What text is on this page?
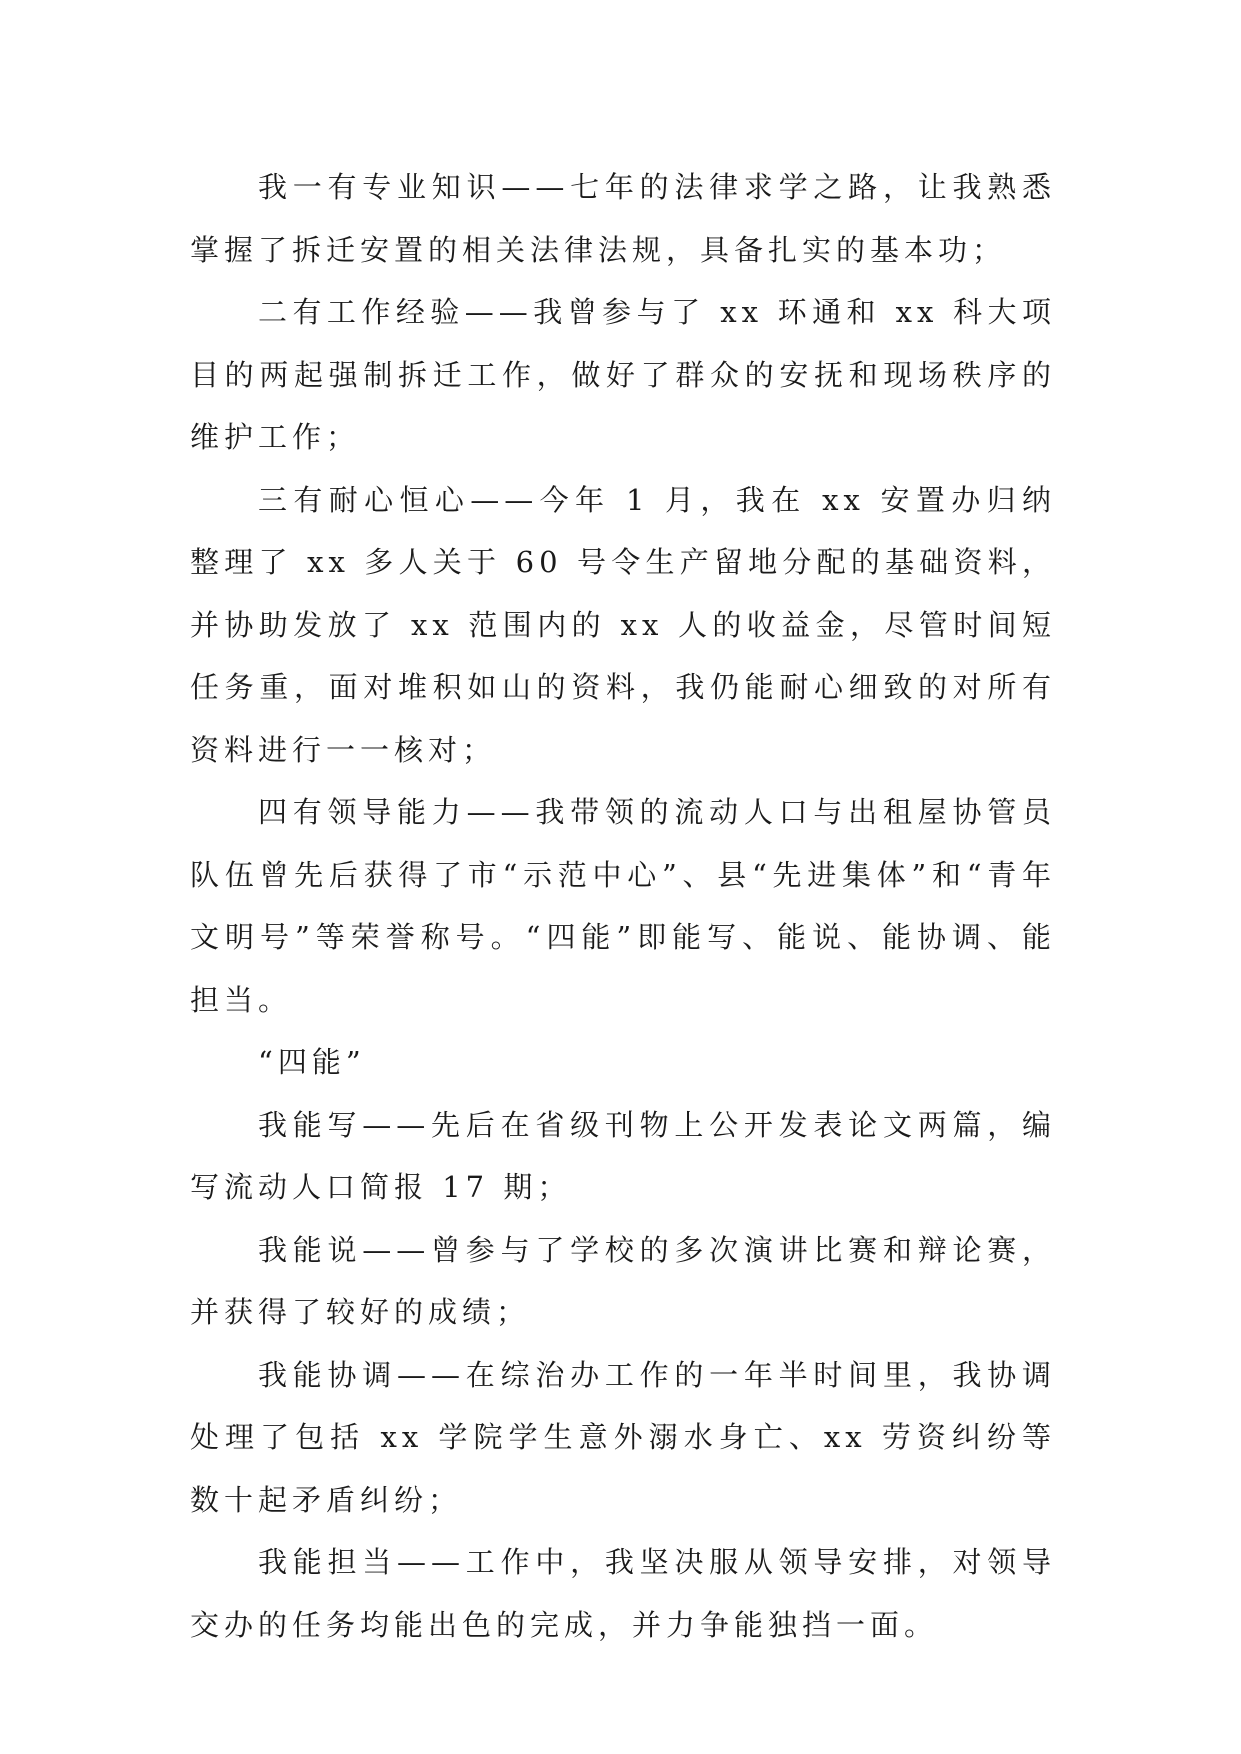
我一有专业知识——七年的法律求学之路，让我熟悉掌握了拆迁安置的相关法律法规，具备扎实的基本功；

二有工作经验——我曾参与了 xx 环通和 xx 科大项目的两起强制拆迁工作，做好了群众的安抚和现场秩序的维护工作；

三有耐心恒心——今年 1 月，我在 xx 安置办归纳整理了 xx 多人关于 60 号令生产留地分配的基础资料，并协助发放了 xx 范围内的 xx 人的收益金，尽管时间短任务重，面对堆积如山的资料，我仍能耐心细致的对所有资料进行一一核对；

四有领导能力——我带领的流动人口与出租屋协管员队伍曾先后获得了市“示范中心”、县“先进集体”和“青年文明号”等荣誉称号。“四能”即能写、能说、能协调、能担当。

“四能”

我能写——先后在省级刊物上公开发表论文两篇，编写流动人口简报 17 期；

我能说——曾参与了学校的多次演讲比赛和辩论赛，并获得了较好的成绩；

我能协调——在综治办工作的一年半时间里，我协调处理了包括 xx 学院学生意外溺水身亡、xx 劳资纠纷等数十起矛盾纠纷；

我能担当——工作中，我坚决服从领导安排，对领导交办的任务均能出色的完成，并力争能独挡一面。
